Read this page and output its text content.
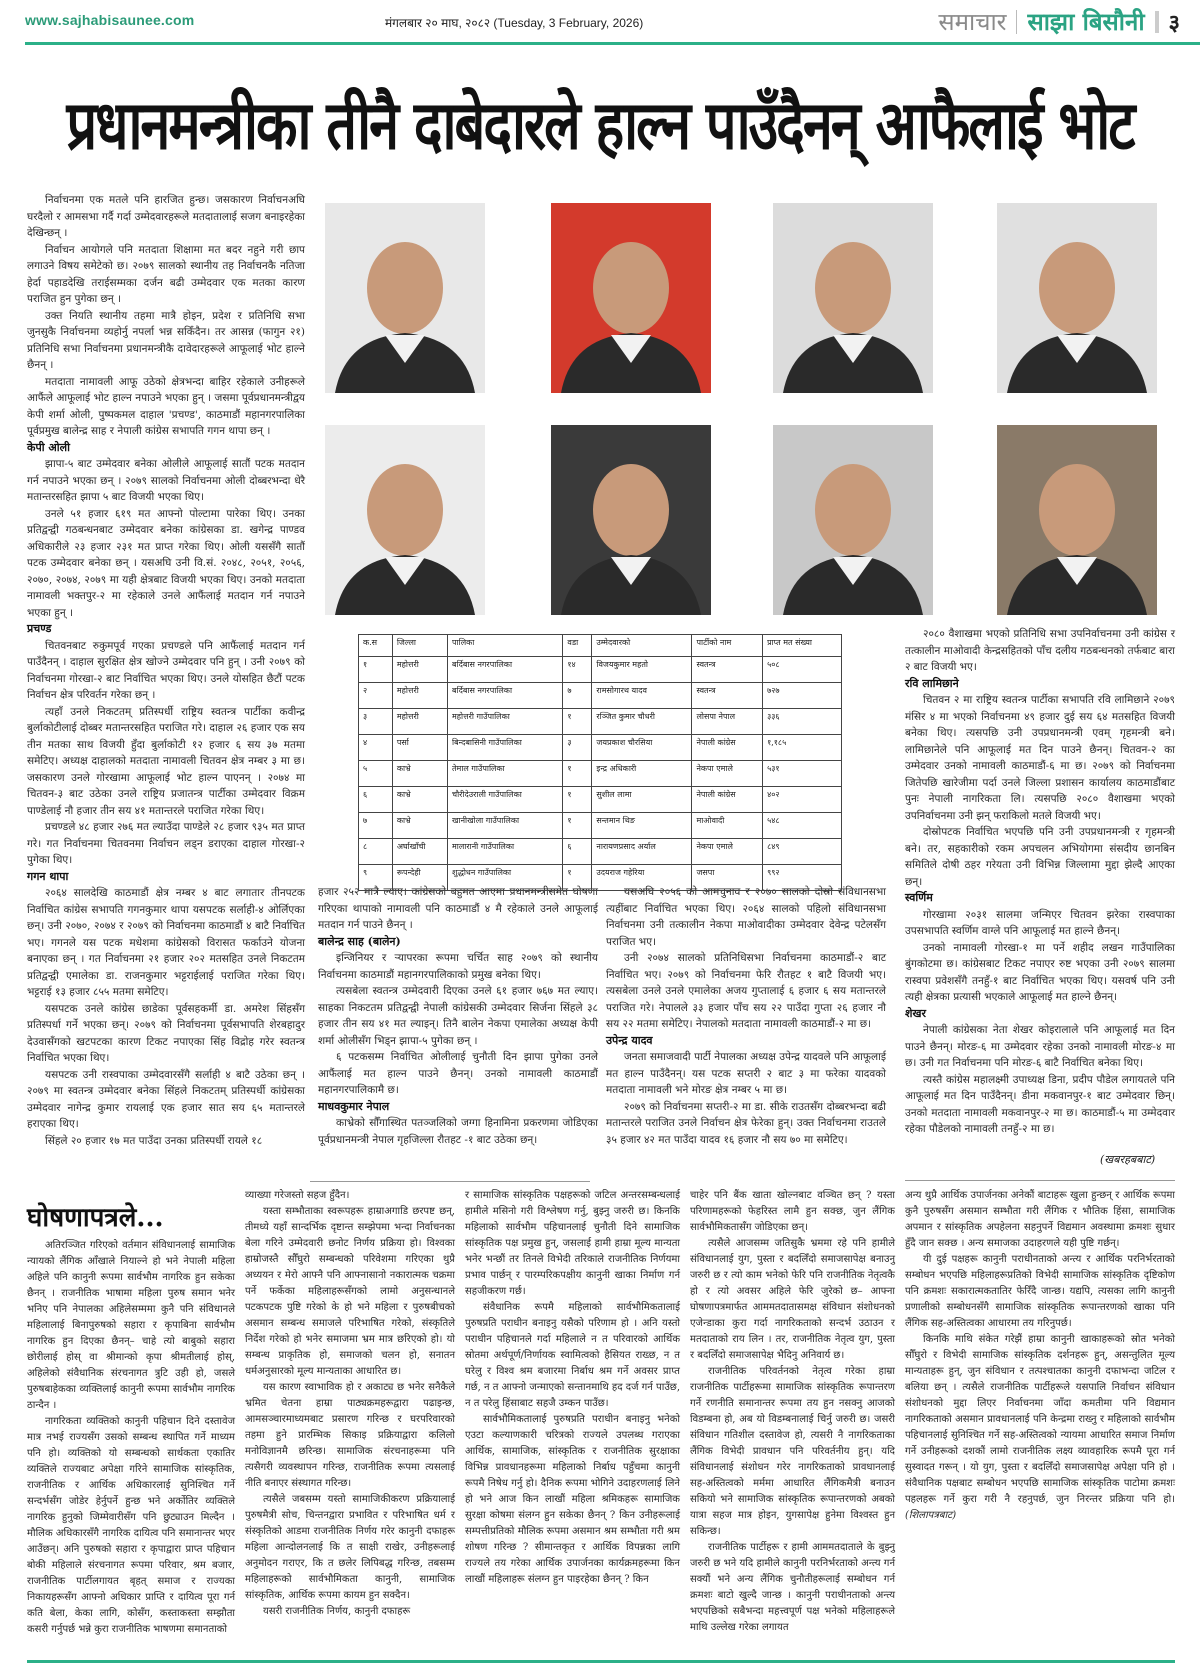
www.sajhabisaunee.com	मंगलबार २० माघ, २०८२ (Tuesday, 3 February, 2026)	समाचार साझा बिसौनी ३
प्रधानमन्त्रीका तीनै दाबेदारले हाल्न पाउँदैनन् आफैलाई भोट

निर्वाचनमा एक मतले पनि हारजित हुन्छ। जसकारण निर्वाचनअघि घरदैलो र आमसभा गर्दै गर्दा उम्मेदवारहरूले मतदातालाई सजग बनाइरहेका देखिन्छन् ।

निर्वाचन आयोगले पनि मतदाता शिक्षामा मत बदर नहुने गरी छाप लगाउने विषय समेटेको छ। २०७९ सालको स्थानीय तह निर्वाचनकै नतिजा हेर्दा पहाडदेखि तराईसम्मका दर्जन बढी उम्मेदवार एक मतका कारण पराजित हुन पुगेका छन् ।

उक्त नियति स्थानीय तहमा मात्रै होइन, प्रदेश र प्रतिनिधि सभा जुनसुकै निर्वाचनमा व्यहोर्नु नपर्ला भन्न सकिँदैन। तर आसन्न (फागुन २१) प्रतिनिधि सभा निर्वाचनमा प्रधानमन्त्रीकै दावेदारहरूले आफूलाई भोट हाल्ने छैनन् ।

मतदाता नामावली आफू उठेको क्षेत्रभन्दा बाहिर रहेकाले उनीहरूले आफैंले आफूलाई भोट हाल्न नपाउने भएका हुन् । जसमा पूर्वप्रधानमन्त्रीद्वय केपी शर्मा ओली, पुष्पकमल दाहाल 'प्रचण्ड', काठमाडौं महानगरपालिका पूर्वप्रमुख बालेन्द्र साह र नेपाली कांग्रेस सभापति गगन थापा छन् ।

केपी ओली

झापा-५ बाट उम्मेदवार बनेका ओलीले आफूलाई सातौं पटक मतदान गर्न नपाउने भएका छन् । २०७९ सालको निर्वाचनमा ओली दोब्बरभन्दा धेरै मतान्तरसहित झापा ५ बाट विजयी भएका थिए।

उनले ५१ हजार ६१९ मत आफ्नो पोल्टामा पारेका थिए। उनका प्रतिद्वन्द्वी गठबन्धनबाट उम्मेदवार बनेका कांग्रेसका डा. खगेन्द्र पाण्डव अधिकारीले २३ हजार २३१ मत प्राप्त गरेका थिए। ओली यससँगै सातौं पटक उम्मेदवार बनेका छन् । यसअघि उनी वि.सं. २०४८, २०५१, २०५६, २०७०, २०७४, २०७९ मा यही क्षेत्रबाट विजयी भएका थिए। उनको मतदाता नामावली भक्तपुर-२ मा रहेकाले उनले आफैंलाई मतदान गर्न नपाउने भएका हुन् ।

प्रचण्ड

चितवनबाट रुकुमपूर्व गएका प्रचण्डले पनि आफैंलाई मतदान गर्न पाउँदैनन् । दाहाल सुरक्षित क्षेत्र खोज्ने उम्मेदवार पनि हुन् । उनी २०७९ को निर्वाचनमा गोरखा-२ बाट निर्वाचित भएका थिए। उनले योसहित छैटौं पटक निर्वाचन क्षेत्र परिवर्तन गरेका छन् ।

त्यहाँ उनले निकटतम् प्रतिस्पर्धी राष्ट्रिय स्वतन्त्र पार्टीका कवीन्द्र बुर्लाकोटीलाई दोब्बर मतान्तरसहित पराजित गरे। दाहाल २६ हजार एक सय तीन मतका साथ विजयी हुँदा बुर्लाकोटी १२ हजार ६ सय ३७ मतमा समेटिए। अध्यक्ष दाहालको मतदाता नामावली चितवन क्षेत्र नम्बर ३ मा छ। जसकारण उनले गोरखामा आफूलाई भोट हाल्न पाएनन् । २०७४ मा चितवन-३ बाट उठेका उनले राष्ट्रिय प्रजातन्त्र पार्टीका उम्मेदवार विक्रम पाण्डेलाई नौ हजार तीन सय ४१ मतान्तरले पराजित गरेका थिए।

प्रचण्डले ४८ हजार २७६ मत ल्याउँदा पाण्डेले २८ हजार ९३५ मत प्राप्त गरे। गत निर्वाचनमा चितवनमा निर्वाचन लड्न डराएका दाहाल गोरखा-२ पुगेका थिए।

गगन थापा

२०६४ सालदेखि काठमाडौं क्षेत्र नम्बर ४ बाट लगातार तीनपटक निर्वाचित कांग्रेस सभापति गगनकुमार थापा यसपटक सर्लाही-४ ओर्लिएका छन्। उनी २०७०, २०७४ र २०७९ को निर्वाचनमा काठमाडौं ४ बाटै निर्वाचित भए। गगनले यस पटक मधेशमा कांग्रेसको विरासत फर्काउने योजना बनाएका छन् । गत निर्वाचनमा २१ हजार २०२ मतसहित उनले निकटतम प्रतिद्वन्द्वी एमालेका डा. राजनकुमार भट्टराईलाई पराजित गरेका थिए। भट्टराई १३ हजार ८५५ मतमा समेटिए।

यसपटक उनले कांग्रेस छाडेका पूर्वसहकर्मी डा. अमरेश सिंहसँग प्रतिस्पर्धा गर्ने भएका छन्। २०७९ को निर्वाचनमा पूर्वसभापति शेरबहादुर देउवासँगको खटपटका कारण टिकट नपाएका सिंह विद्रोह गरेर स्वतन्त्र निर्वाचित भएका थिए।

यसपटक उनी रास्वपाका उम्मेदवारसँगै सर्लाही ४ बाटै उठेका छन् । २०७९ मा स्वतन्त्र उम्मेदवार बनेका सिंहले निकटतम् प्रतिस्पर्धी कांग्रेसका उम्मेदवार नागेन्द्र कुमार रायलाई एक हजार सात सय ६५ मतान्तरले हराएका थिए।

सिंहले २० हजार १७ मत पाउँदा उनका प्रतिस्पर्धी रायले १८

हजार २५२ मात्रै ल्याए। कांग्रेसको बहुमत आएमा प्रधानमन्त्रीसमेत घोषणा गरिएका थापाको नामावली पनि काठमाडौं ४ मै रहेकाले उनले आफूलाई मतदान गर्न पाउने छैनन् ।

बालेन्द्र साह (बालेन)

इन्जिनियर र र्‍यापरका रूपमा चर्चित साह २०७९ को स्थानीय निर्वाचनमा काठमाडौं महानगरपालिकाको प्रमुख बनेका थिए।

त्यसबेला स्वतन्त्र उम्मेदवारी दिएका उनले ६१ हजार ७६७ मत ल्याए। साहका निकटतम प्रतिद्वन्द्वी नेपाली कांग्रेसकी उम्मेदवार सिर्जना सिंहले ३८ हजार तीन सय ४१ मत ल्याइन्। तिनै बालेन नेकपा एमालेका अध्यक्ष केपी शर्मा ओलीसँग भिड्न झापा-५ पुगेका छन् ।

६ पटकसम्म निर्वाचित ओलीलाई चुनौती दिन झापा पुगेका उनले आफैंलाई मत हाल्न पाउने छैनन्। उनको नामावली काठमाडौं महानगरपालिकामै छ।

माधवकुमार नेपाल

काभ्रेको सौँगास्थित पतञ्जलिको जग्गा हिनामिना प्रकरणमा जोडिएका पूर्वप्रधानमन्त्री नेपाल गृहजिल्ला रौतहट -१ बाट उठेका छन्।

यसअघि २०५६ को आमचुनाव र २०७० सालको दोस्रो संविधानसभा त्यहींबाट निर्वाचित भएका थिए। २०६४ सालको पहिलो संविधानसभा निर्वाचनमा उनी तत्कालीन नेकपा माओवादीका उम्मेदवार देवेन्द्र पटेलसँग पराजित भए।

उनी २०७४ सालको प्रतिनिधिसभा निर्वाचनमा काठमाडौं-२ बाट निर्वाचित भए। २०७९ को निर्वाचनमा फेरि रौतहट १ बाटै विजयी भए। त्यसबेला उनले उनले एमालेका अजय गुप्तालाई ६ हजार ६ सय मतान्तरले पराजित गरे। नेपालले ३३ हजार पाँच सय २२ पाउँदा गुप्ता २६ हजार नौ सय २२ मतमा समेटिए। नेपालको मतदाता नामावली काठमाडौं-२ मा छ।

उपेन्द्र यादव

जनता समाजवादी पार्टी नेपालका अध्यक्ष उपेन्द्र यादवले पनि आफूलाई मत हाल्न पाउँदैनन्। यस पटक सप्तरी २ बाट ३ मा फरेका यादवको मतदाता नामावली भने मोरङ क्षेत्र नम्बर ५ मा छ।

२०७९ को निर्वाचनमा सप्तरी-२ मा डा. सीके राउतसँग दोब्बरभन्दा बढी मतान्तरले पराजित उनले निर्वाचन क्षेत्र फेरेका हुन्। उक्त निर्वाचनमा राउतले ३५ हजार ४२ मत पाउँदा यादव १६ हजार नौ सय ७० मा समेटिए।

२०८० वैशाखमा भएको प्रतिनिधि सभा उपनिर्वाचनमा उनी कांग्रेस र तत्कालीन माओवादी केन्द्रसहितको पाँच दलीय गठबन्धनको तर्फबाट बारा २ बाट विजयी भए।

रवि लामिछाने

चितवन २ मा राष्ट्रिय स्वतन्त्र पार्टीका सभापति रवि लामिछाने २०७९ मंसिर ४ मा भएको निर्वाचनमा ४९ हजार दुई सय ६४ मतसहित विजयी बनेका थिए। त्यसपछि उनी उपप्रधानमन्त्री एवम् गृहमन्त्री बने। लामिछानेले पनि आफूलाई मत दिन पाउने छैनन्। चितवन-२ का उम्मेदवार उनको नामावली काठमाडौं-६ मा छ। २०७९ को निर्वाचनमा जितेपछि खारेजीमा पर्दा उनले जिल्ला प्रशासन कार्यालय काठमाडौंबाट पुनः नेपाली नागरिकता लि। त्यसपछि २०८० वैशाखमा भएको उपनिर्वाचनमा उनी झन् फराकिलो मतले विजयी भए।

दोस्रोपटक निर्वाचित भएपछि पनि उनी उपप्रधानमन्त्री र गृहमन्त्री बने। तर, सहकारीको रकम अपचलन अभियोगमा संसदीय छानबिन समितिले दोषी ठहर गरेयता उनी विभिन्न जिल्लामा मुद्दा झेल्दै आएका छन्।

स्वर्णिम

गोरखामा २०३१ सालमा जन्मिएर चितवन झरेका रास्वपाका उपसभापति स्वर्णिम वाग्ले पनि आफूलाई मत हाल्ने छैनन्।

उनको नामावली गोरखा-१ मा पर्ने शहीद लखन गाउँपालिका बुंगकोटमा छ। कांग्रेसबाट टिकट नपाएर रुष्ट भएका उनी २०७९ सालमा रास्वपा प्रवेशसँगै तनहुँ-१ बाट निर्वाचित भएका थिए। यसवर्ष पनि उनी त्यही क्षेत्रका प्रत्यासी भएकाले आफूलाई मत हाल्ने छैनन्।

शेखर

नेपाली कांग्रेसका नेता शेखर कोइरालाले पनि आफूलाई मत दिन पाउने छैनन्। मोरङ-६ मा उम्मेदवार रहेका उनको नामावली मोरङ-४ मा छ। उनी गत निर्वाचनमा पनि मोरङ-६ बाटै निर्वाचित बनेका थिए।

त्यस्तै कांग्रेस महालक्ष्मी उपाध्यक्ष डिना, प्रदीप पौडेल लगायतले पनि आफूलाई मत दिन पाउँदैनन्। डीना मकवानपुर-१ बाट उम्मेदवार छिन्। उनको मतदाता नामावली मकवानपुर-२ मा छ। काठमाडौं-५ मा उम्मेदवार रहेका पौडेलको नामावली तनहुँ-२ मा छ।

(खबरहबबाट)
क.स	जिल्ला	पालिका	वडा	उम्मेदवारको	पार्टीको नाम	प्राप्त मत संख्या
१	महोत्तरी	बर्दिबास नगरपालिका	१४	विजयकुमार महतो	स्वतन्त्र	५०८
२	महोत्तरी	बर्दिबास नगरपालिका	७	रामसोगारथ यादव	स्वतन्त्र	७२७
३	महोत्तरी	महोत्तरी गाउँपालिका	१	रञ्जित कुमार चौधरी	लोसपा नेपाल	३३६
४	पर्सा	बिन्दबासिनी गाउँपालिका	३	जयप्रकाश चौरसिया	नेपाली कांग्रेस	१,१८५
५	काभ्रे	तेमाल गाउँपालिका	१	इन्द्र अधिकारी	नेकपा एमाले	५३१
६	काभ्रे	चौरीदेउराली गाउँपालिका	१	सुशील लामा	नेपाली कांग्रेस	४०२
७	काभ्रे	खानीखोला गाउँपालिका	१	सन्तमान थिङ	माओवादी	५४८
८	अर्घाखाँची	मालारानी गाउँपालिका	६	नारायणप्रसाद अर्याल	नेकपा एमाले	८४९
९	रूपन्देही	शुद्धोधन गाउँपालिका	१	उदयराज गहेरिया	जसपा	९९२
घोषणापत्रले...

अतिरञ्जित गरिएको वर्तमान संविधानलाई सामाजिक न्यायको लैंगिक आँखाले नियाल्ने हो भने नेपाली महिला अहिले पनि कानुनी रूपमा सार्वभौम नागरिक हुन सकेका छैनन् । राजनीतिक भाषामा महिला पुरुष समान भनेर भनिए पनि नेपालका अहिलेसम्ममा कुनै पनि संविधानले महिलालाई बिनापुरुषको सहारा र कृपाबिना सार्वभौम नागरिक हुन दिएका छैनन्– चाहे त्यो बाबुको सहारा छोरीलाई होस् वा श्रीमान्को कृपा श्रीमतीलाई होस्, अहिलेको संवैधानिक संरचनागत त्रुटि उही हो, जसले पुरुषबाहेकका व्यक्तिलाई कानुनी रूपमा सार्वभौम नागरिक ठान्दैन ।

नागरिकता व्यक्तिको कानुनी पहिचान दिने दस्तावेज मात्र नभई राज्यसँग उसको सम्बन्ध स्थापित गर्ने माध्यम पनि हो। व्यक्तिको यो सम्बन्धको सार्थकता एकातिर व्यक्तिले राज्यबाट अपेक्षा गरिने सामाजिक सांस्कृतिक, राजनीतिक र आर्थिक अधिकारलाई सुनिश्चित गर्ने सन्दर्भसँग जोडेर हेर्नुपर्ने हुन्छ भने अर्कोतिर व्यक्तिले नागरिक हुनुको जिम्मेवारीसँग पनि छुट्याउन मिल्दैन । मौलिक अधिकारसँगै नागरिक दायित्व पनि समानान्तर भएर आउँछन्। अनि पुरुषको सहारा र कृपाद्वारा प्राप्त पहिचान बोकी महिलाले संरचनागत रूपमा परिवार, श्रम बजार, राजनीतिक पार्टीलगायत बृहत् समाज र राज्यका निकायहरूसँग आफ्नो अधिकार प्राप्ति र दायित्व पूरा गर्न कति बेला, केका लागि, कोसँग, कस्ताकस्ता सम्झौता कसरी गर्नुपर्छ भन्ने कुरा राजनीतिक भाषणमा समानताको

व्याख्या गरेजस्तो सहज हुँदैन।

यस्ता सम्भौताका स्वरूपहरू हाम्राअगाडि छरपष्ट छन्, तीमध्ये यहाँ सान्दर्भिक दृष्टान्त सम्झेपमा भन्दा निर्वाचनका बेला गरिने उम्मेदवारी छनोट निर्णय प्रक्रिया हो। विश्वका हाम्रोजस्तै सौँघुरो सम्बन्धको परिवेशमा गरिएका थुप्रै अध्ययन र मेरो आफ्नै पनि आफ्नासानो नकारात्मक चक्रमा पर्ने फर्केका महिलाहरूसँगको लामो अनुसन्धानले पटकपटक पुष्टि गरेको के हो भने महिला र पुरुषबीचको असमान सम्बन्ध समाजले परिभाषित गरेको, संस्कृतिले निर्देश गरेको हो भनेर समाजमा भ्रम मात्र छरिएको हो। यो सम्बन्ध प्राकृतिक हो, समाजको चलन हो, सनातन धर्मअनुसारको मूल्य मान्यताका आधारित छ।

यस कारण स्वाभाविक हो र अकाट्य छ भनेर सनैकैले भ्रमित चेतना हाम्रा पाठ्यक्रमहरूद्वारा पढाइन्छ, आमसञ्चारमाध्यमबाट प्रसारण गरिन्छ र घरपरिवारको तहमा हुने प्रारम्भिक सिकाइ प्रक्रियाद्वारा कलिलो मनोविज्ञानमै छरिन्छ। सामाजिक संरचनाहरूमा पनि त्यसैगरी व्यवस्थापन गरिन्छ, राजनीतिक रूपमा त्यसलाई नीति बनाएर संस्थागत गरिन्छ।

त्यसैले जबसम्म यस्तो सामाजिकीकरण प्रक्रियालाई पुरुषमैत्री सोच, चिन्तनद्वारा प्रभावित र परिभाषित धर्म र संस्कृतिको आडमा राजनीतिक निर्णय गरेर कानुनी दफाहरू महिला आन्दोलनलाई कि त साक्षी राखेर, उनीहरूलाई अनुमोदन गराएर, कि त छलेर लिपिबद्ध गरिन्छ, तबसम्म महिलाहरूको सार्वभौमिकता कानुनी, सामाजिक सांस्कृतिक, आर्थिक रूपमा कायम हुन सक्दैन।

यसरी राजनीतिक निर्णय, कानुनी दफाहरू

र सामाजिक सांस्कृतिक पक्षहरूको जटिल अन्तरसम्बन्धलाई हामीले मसिनो गरी विश्लेषण गर्नु, बुझ्नु जरुरी छ। किनकि महिलाको सार्वभौम पहिचानलाई चुनौती दिने सामाजिक सांस्कृतिक पक्ष प्रमुख हुन्, जसलाई हामी हाम्रा मूल्य मान्यता भनेर भन्छौं तर तिनले विभेदी तरिकाले राजनीतिक निर्णयमा प्रभाव पार्छन् र पारम्परिकपक्षीय कानुनी खाका निर्माण गर्न सहजीकरण गर्छ।

संवैधानिक रूपमै महिलाको सार्वभौमिकतालाई पुरुषप्रति पराधीन बनाइनु यसैको परिणाम हो । अनि यस्तो पराधीन पहिचानले गर्दा महिलाले न त परिवारको आर्थिक स्रोतमा अर्थपूर्ण/निर्णायक स्वामित्वको हैसियत राख्छ, न त घरेलु र विश्व श्रम बजारमा निर्बाध श्रम गर्ने अवसर प्राप्त गर्छ, न त आफ्नो जन्माएको सन्तानमाथि हद दर्ज गर्न पाउँछ, न त परेलु हिंसाबाट सहजै उम्कन पाउँछ।

सार्वभौमिकतालाई पुरुषप्रति पराधीन बनाइनु भनेको एउटा कल्याणकारी चरित्रको राज्यले उपलब्ध गराएका आर्थिक, सामाजिक, सांस्कृतिक र राजनीतिक सुरक्षाका विभिन्न प्रावधानहरूमा महिलाको निर्बाध पहुँचमा कानुनी रूपमै निषेध गर्नु हो। दैनिक रूपमा भोगिने उदाहरणलाई लिने हो भने आज किन लाखौं महिला श्रमिकहरू सामाजिक सुरक्षा कोषमा संलग्न हुन सकेका छैनन् ? किन उनीहरूलाई सम्पत्तीप्रतिको मौलिक रूपमा असमान श्रम सम्भौता गरी श्रम शोषण गरिन्छ ? सीमान्तकृत र आर्थिक विपन्नका लागि राज्यले तय गरेका आर्थिक उपार्जनका कार्यक्रमहरूमा किन लाखौं महिलाहरू संलग्न हुन पाइरहेका छैनन् ? किन

चाहेर पनि बैंक खाता खोल्नबाट वञ्चित छन् ? यस्ता परिणामहरूको फेहरिस्त लामै हुन सक्छ, जुन लैंगिक सार्वभौमिकतासँग जोडिएका छन्।

त्यसैले आजसम्म जतिसुकै भ्रममा रहे पनि हामीले संविधानलाई युग, पुस्ता र बदलिँदो समाजसापेक्ष बनाउनु जरुरी छ र त्यो काम भनेको फेरि पनि राजनीतिक नेतृत्वकै हो र त्यो अवसर अहिले फेरि जुरेको छ– आफ्ना घोषणापत्रमार्फत आममतदातासमक्ष संविधान संशोधनको एजेन्डाका कुरा गर्दा नागरिकताको सन्दर्भ उठाउन र मतदाताको राय लिन । तर, राजनीतिक नेतृत्व युग, पुस्ता र बदलिँदो समाजसापेक्ष भैदिनु अनिवार्य छ।

राजनीतिक परिवर्तनको नेतृत्व गरेका हाम्रा राजनीतिक पार्टीहरूमा सामाजिक सांस्कृतिक रूपान्तरण गर्ने रणनीति समानान्तर रूपमा तय हुन नसक्नु आजको विडम्बना हो, अब यो विडम्बनालाई चिर्नु जरुरी छ। जसरी संविधान गतिशील दस्तावेज हो, त्यसरी नै नागरिकताका लैंगिक विभेदी प्रावधान पनि परिवर्तनीय हुन्। यदि संविधानलाई संशोधन गरेर नागरिकताको प्रावधानलाई सह-अस्तित्वको मर्ममा आधारित लैंगिकमैत्री बनाउन सकियो भने सामाजिक सांस्कृतिक रूपान्तरणको अबको यात्रा सहज मात्र होइन, युगसापेक्ष हुनेमा विश्वस्त हुन सकिन्छ।

राजनीतिक पार्टीहरू र हामी आममतदाताले के बुझ्नु जरुरी छ भने यदि हामीले कानुनी परनिर्भरताको अन्त्य गर्न सक्यौं भने अन्य लैंगिक चुनौतीहरूलाई सम्बोधन गर्न क्रमशः बाटो खुल्दै जान्छ । कानुनी पराधीनताको अन्त्य भएपछिको सबैभन्दा महत्त्वपूर्ण पक्ष भनेको महिलाहरूले माथि उल्लेख गरेका लगायत

अन्य थुप्रै आर्थिक उपार्जनका अनेकौं बाटाहरू खुला हुन्छन् र आर्थिक रूपमा कुनै पुरुषसँग असमान सम्भौता गरी लैंगिक र भौतिक हिंसा, सामाजिक अपमान र सांस्कृतिक अपहेलना सहनुपर्ने विद्यमान अवस्थामा क्रमशः सुधार हुँदै जान सक्छ । अन्य समाजका उदाहरणले यही पुष्टि गर्छन्।

यी दुई पक्षहरू कानुनी पराधीनताको अन्त्य र आर्थिक परनिर्भरताको सम्बोधन भएपछि महिलाहरूप्रतिको विभेदी सामाजिक सांस्कृतिक दृष्टिकोण पनि क्रमशः सकारात्मकतातिर फेरिँदै जान्छ। यद्यपि, त्यसका लागि कानुनी प्रणालीको सम्बोधनसँगै सामाजिक सांस्कृतिक रूपान्तरणको खाका पनि लैंगिक सह-अस्तित्वका आधारमा तय गरिनुपर्छ।

किनकि माथि संकेत गरेझैं हाम्रा कानुनी खाकाहरूको स्रोत भनेको सौँघुरो र विभेदी सामाजिक सांस्कृतिक दर्शनहरू हुन्, असन्तुलित मूल्य मान्यताहरू हुन्, जुन संविधान र तत्पश्चातका कानुनी दफाभन्दा जटिल र बलिया छन् । त्यसैले राजनीतिक पार्टीहरूले यसपालि निर्वाचन संविधान संशोधनको मुद्दा लिएर निर्वाचनमा जाँदा कमतीमा पनि विद्यमान नागरिकताको असमान प्रावधानलाई पनि केन्द्रमा राख्नु र महिलाको सार्वभौम पहिचानलाई सुनिश्चित गर्ने सह-अस्तित्वको न्यायमा आधारित समाज निर्माण गर्ने उनीहरूको दशकौं लामो राजनीतिक लक्ष्य व्यावहारिक रूपमै पूरा गर्न सुस्वादत गरून् । यो युग, पुस्ता र बदलिँदो समाजसापेक्ष अपेक्षा पनि हो । संवैधानिक पक्षबाट सम्बोधन भएपछि सामाजिक सांस्कृतिक पाटोमा क्रमशः पहलहरू गर्ने कुरा गरी नै रहनुपर्छ, जुन निरन्तर प्रक्रिया पनि हो। (शिलापत्रबाट)
